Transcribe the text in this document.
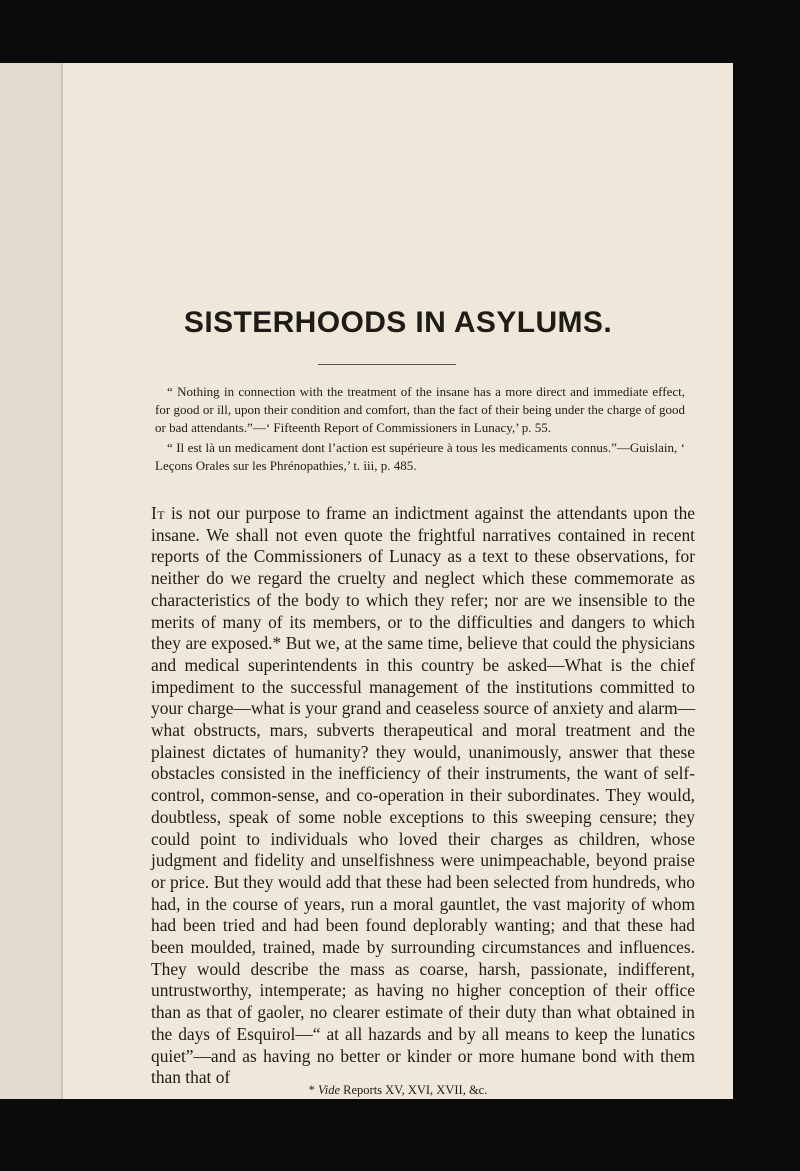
SISTERHOODS IN ASYLUMS.

“ Nothing in connection with the treatment of the insane has a more direct and immediate effect, for good or ill, upon their condition and comfort, than the fact of their being under the charge of good or bad attendants.”—‘ Fifteenth Report of Commissioners in Lunacy,’ p. 55.

“ Il est là un medicament dont l’action est supérieure à tous les medicaments connus.”—Guislain, ‘ Leçons Orales sur les Phrénopathies,’ t. iii, p. 485.

It is not our purpose to frame an indictment against the attendants upon the insane. We shall not even quote the frightful narratives contained in recent reports of the Commissioners of Lunacy as a text to these observations, for neither do we regard the cruelty and neglect which these commemorate as characteristics of the body to which they refer; nor are we insensible to the merits of many of its members, or to the difficulties and dangers to which they are exposed.* But we, at the same time, believe that could the physicians and medical superintendents in this country be asked—What is the chief impediment to the successful management of the institutions committed to your charge—what is your grand and ceaseless source of anxiety and alarm—what obstructs, mars, subverts therapeutical and moral treatment and the plainest dictates of humanity? they would, unanimously, answer that these obstacles consisted in the inefficiency of their instruments, the want of self-control, common-sense, and co-operation in their subordinates. They would, doubtless, speak of some noble exceptions to this sweeping censure; they could point to individuals who loved their charges as children, whose judgment and fidelity and unselfishness were unimpeachable, beyond praise or price. But they would add that these had been selected from hundreds, who had, in the course of years, run a moral gauntlet, the vast majority of whom had been tried and had been found deplorably wanting; and that these had been moulded, trained, made by surrounding circumstances and influences. They would describe the mass as coarse, harsh, passionate, indifferent, untrustworthy, intemperate; as having no higher conception of their office than as that of gaoler, no clearer estimate of their duty than what obtained in the days of Esquirol—“ at all hazards and by all means to keep the lunatics quiet”—and as having no better or kinder or more humane bond with them than that of

* Vide Reports XV, XVI, XVII, &c.
